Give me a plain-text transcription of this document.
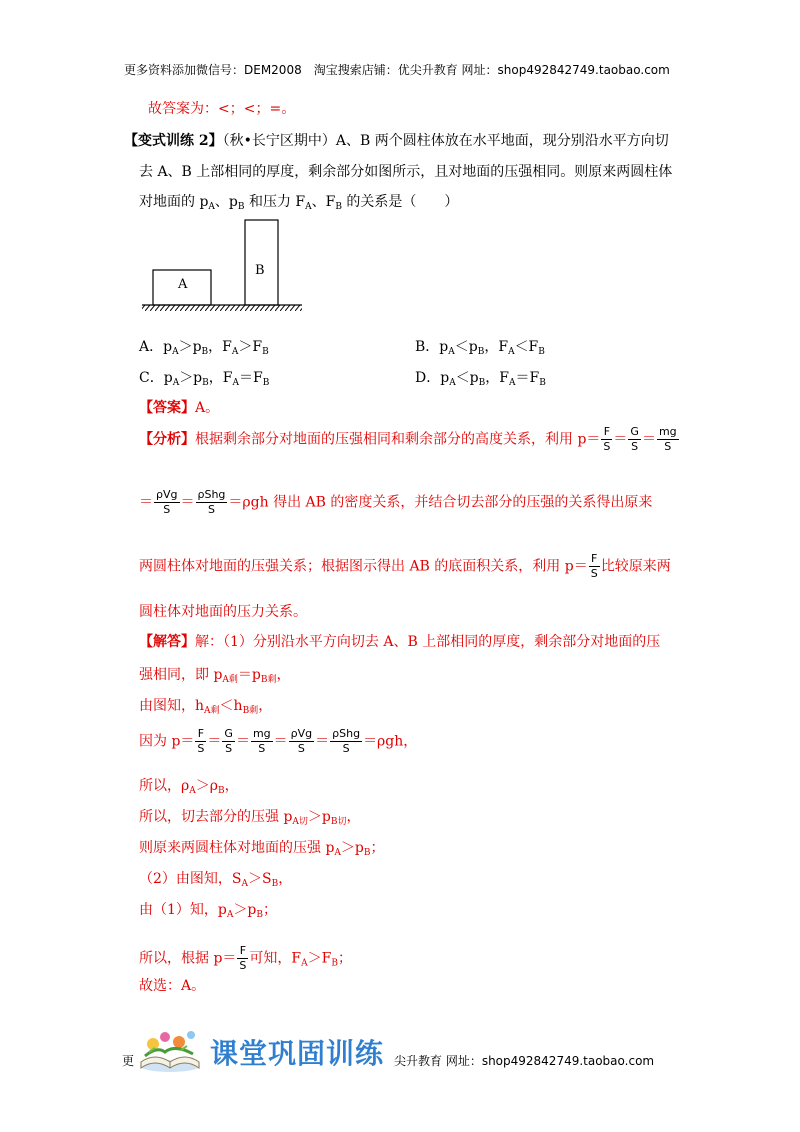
更多资料添加微信号：DEM2008　淘宝搜索店铺：优尖升教育 网址：shop492842749.taobao.com
故答案为：<；<；=。
【变式训练 2】（秋•长宁区期中）A、B 两个圆柱体放在水平地面，现分别沿水平方向切
去 A、B 上部相同的厚度，剩余部分如图所示，且对地面的压强相同。则原来两圆柱体
对地面的 $p_A$、$p_B$ 和压力 $F_A$、$F_B$ 的关系是（　　）
A
B
A．$p_A>p_B$，$F_A>F_B$	B．$p_A<p_B$，$F_A<F_B$
C．$p_A>p_B$，$F_A=F_B$	D．$p_A<p_B$，$F_A=F_B$
【答案】A。
【分析】根据剩余部分对地面的压强相同和剩余部分的高度关系，利用 $p= \frac{F}{S} = \frac{G}{S} = \frac{mg}{S}$
＝ $\frac{\text{ρVg}}{S} = \frac{\text{ρShg}}{S} =\rho gh$ 得出 AB 的密度关系，并结合切去部分的压强的关系得出原来
两圆柱体对地面的压强关系；根据图示得出 AB 的底面积关系，利用 $p= \frac{F}{S}$ 比较原来两
圆柱体对地面的压力关系。
【解答】解：（1）分别沿水平方向切去 A、B 上部相同的厚度，剩余部分对地面的压
强相同，即 $p_{A剩}=p_{B剩}$，
由图知，$h_{A剩}<h_{B剩}$，
因为 $p= \frac{F}{S} = \frac{G}{S} = \frac{mg}{S} = \frac{\text{ρVg}}{S} = \frac{\text{ρShg}}{S} =\rho gh$，
所以，$\rho_A>\rho_B$，
所以，切去部分的压强 $p_{A切}>p_{B切}$，
则原来两圆柱体对地面的压强 $p_A>p_B$；
（2）由图知，$S_A>S_B$，
由（1）知，$p_A>p_B$；
所以，根据 $p= \frac{F}{S}$ 可知，$F_A>F_B$；
故选：A。
更	课堂巩固训练 尖升教育 网址：shop492842749.taobao.com
